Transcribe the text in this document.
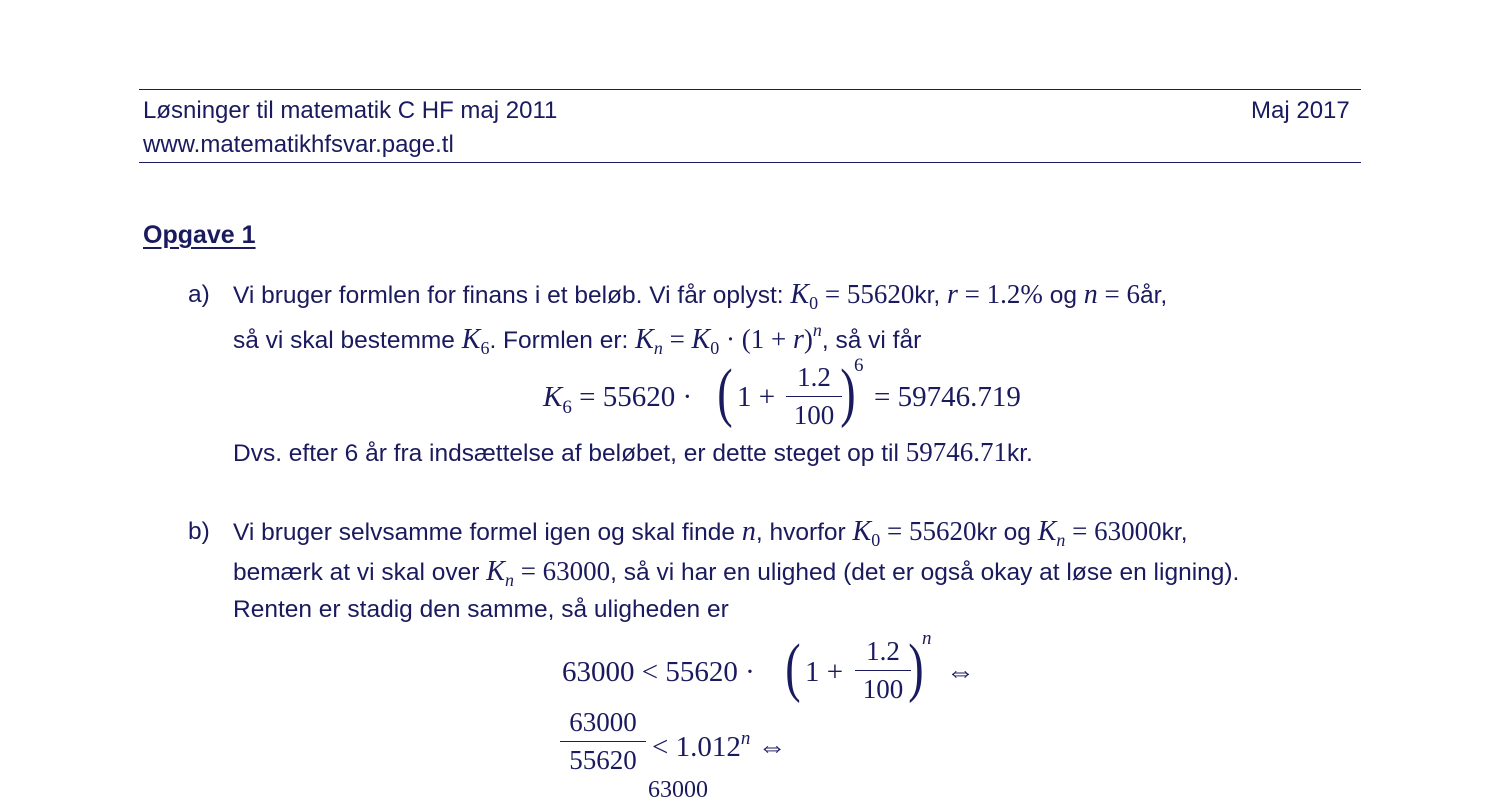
Løsninger til matematik C HF maj 2011	Maj 2017
www.matematikhfsvar.page.tl
Opgave 1
a) Vi bruger formlen for finans i et beløb. Vi får oplyst: $K_0 = 55620kr$, r = 1.2% og n = 6år,
så vi skal bestemme $K_6$. Formlen er: $K_n = K_0 \cdot (1 + r)^n$, så vi får
$K_6 = 55620$ · ( $1 + \frac{1.2}{100}$
)
6
= 59746.719
Dvs. efter 6 år fra indsættelse af beløbet, er dette steget op til 59746.71kr.
b) Vi bruger selvsamme formel igen og skal finde n, hvorfor $K_0 = 55620kr$ og $K_n = 63000kr$,
bemærk at vi skal over $K_n = 63000$, så vi har en ulighed (det er også okay at løse en ligning).
Renten er stadig den samme, så uligheden er
63000 < 55620 · ( $1 + \frac{1.2}{100}$
)
n
⇔
$\frac{63000}{55620} < 1.012^n$ ⇔
63000
